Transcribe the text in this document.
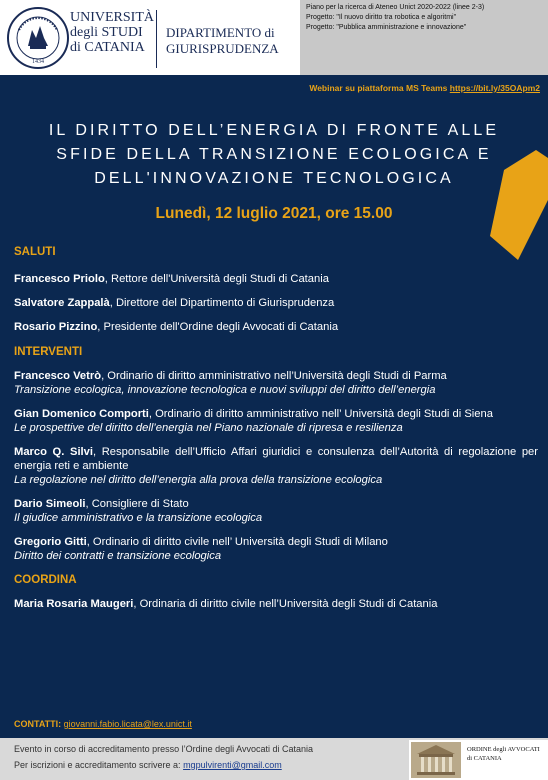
1434
UNIVERSITÀ
degli STUDI
di CATANIA
DIPARTIMENTO di
GIURISPRUDENZA
Piano per la ricerca di Ateneo Unict 2020-2022 (linee 2-3)
Progetto: "Il nuovo diritto tra robotica e algoritmi"
Progetto: "Pubblica amministrazione e innovazione"
Webinar su piattaforma MS Teams https://bit.ly/35OApm2
IL DIRITTO DELL’ENERGIA DI FRONTE ALLE
SFIDE DELLA TRANSIZIONE ECOLOGICA E
DELL'INNOVAZIONE TECNOLOGICA
Lunedì, 12 luglio 2021, ore 15.00
SALUTI
Francesco Priolo, Rettore dell'Università degli Studi di Catania
Salvatore Zappalà, Direttore del Dipartimento di Giurisprudenza
Rosario Pizzino, Presidente dell'Ordine degli Avvocati di Catania
INTERVENTI
Francesco Vetrò, Ordinario di diritto amministrativo nell’Università degli Studi di Parma
Transizione ecologica, innovazione tecnologica e nuovi sviluppi del diritto dell’energia
Gian Domenico Comporti, Ordinario di diritto amministrativo nell’ Università degli Studi di Siena
Le prospettive del diritto dell’energia nel Piano nazionale di ripresa e resilienza
Marco Q. Silvi, Responsabile dell’Ufficio Affari giuridici e consulenza dell’Autorità di regolazione per energia reti e ambiente
La regolazione nel diritto dell’energia alla prova della transizione ecologica
Dario Simeoli, Consigliere di Stato
Il giudice amministrativo e la transizione ecologica
Gregorio Gitti, Ordinario di diritto civile nell’ Università degli Studi di Milano
Diritto dei contratti e transizione ecologica
COORDINA
Maria Rosaria Maugeri, Ordinaria di diritto civile nell’Università degli Studi di Catania
CONTATTI: giovanni.fabio.licata@lex.unict.it
Evento in corso di accreditamento presso l’Ordine degli Avvocati di Catania
Per iscrizioni e accreditamento scrivere a: mgpulvirenti@gmail.com
ORDINE degli AVVOCATI
di CATANIA
